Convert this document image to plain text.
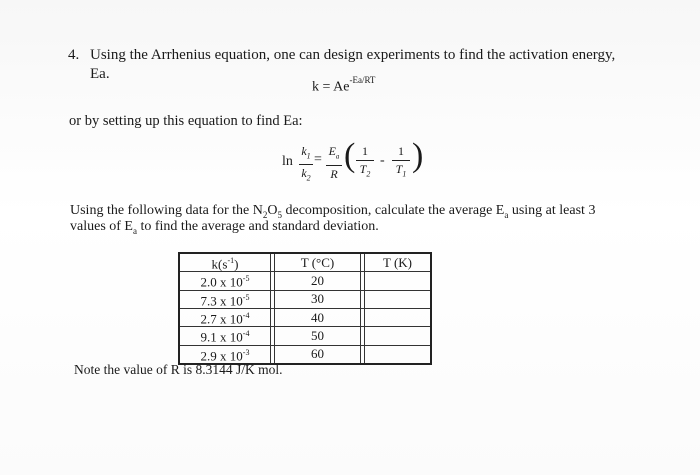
4. Using the Arrhenius equation, one can design experiments to find the activation energy,
Ea.
$k = Ae^{-Ea/RT}$
or by setting up this equation to find Ea:
ln
$k_1$
$k_2$
=
$E_a$
R
( 1
$T_2$
-
1
$T_1$ )
Using the following data for the $N_2O_5$ decomposition, calculate the average $E_a$ using at least 3
values of $E_a$ to find the average and standard deviation.
$k(s^{-1})$		T (°C)		T (K)
2.0 x $10^{-5}$		20		
7.3 x $10^{-5}$		30		
2.7 x $10^{-4}$		40		
9.1 x $10^{-4}$		50		
2.9 x $10^{-3}$		60		
Note the value of R is 8.3144 J/K mol.
